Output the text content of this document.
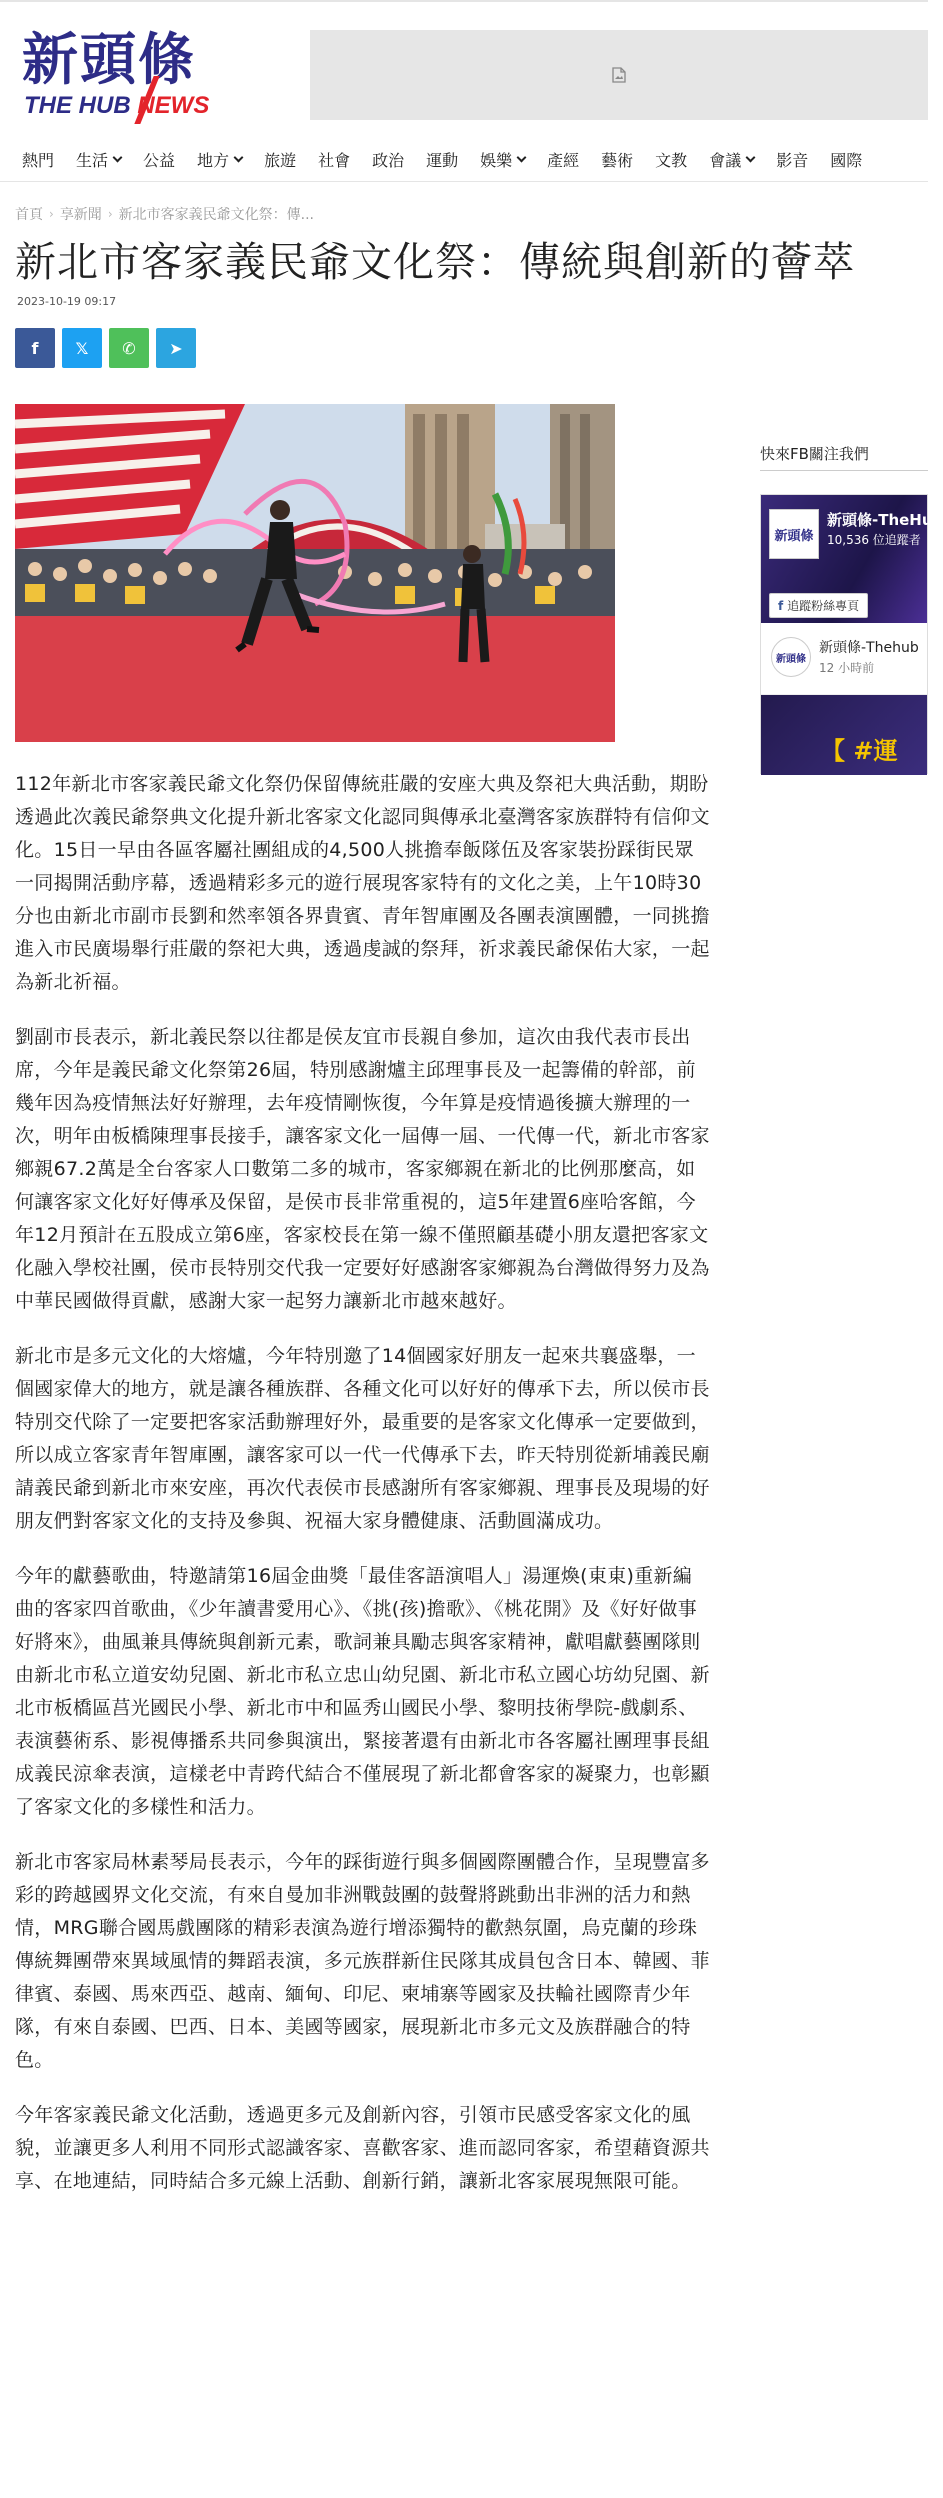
新頭條
THE HUB NEWS
熱門 生活 公益 地方 旅遊 社會 政治 運動 娛樂 產經 藝術 文教 會議 影音 國際
首頁 › 享新聞 › 新北市客家義民爺文化祭：傳...
新北市客家義民爺文化祭：傳統與創新的薈萃
2023-10-19 09:17
f 𝕏 ✆ ➤

112年新北市客家義民爺文化祭仍保留傳統莊嚴的安座大典及祭祀大典活動，期盼透過此次義民爺祭典文化提升新北客家文化認同與傳承北臺灣客家族群特有信仰文化。15日一早由各區客屬社團組成的4,500人挑擔奉飯隊伍及客家裝扮踩街民眾一同揭開活動序幕，透過精彩多元的遊行展現客家特有的文化之美，上午10時30分也由新北市副市長劉和然率領各界貴賓、青年智庫團及各團表演團體，一同挑擔進入市民廣場舉行莊嚴的祭祀大典，透過虔誠的祭拜，祈求義民爺保佑大家，一起為新北祈福。

劉副市長表示，新北義民祭以往都是侯友宜市長親自參加，這次由我代表市長出席，今年是義民爺文化祭第26屆，特別感謝爐主邱理事長及一起籌備的幹部，前幾年因為疫情無法好好辦理，去年疫情剛恢復，今年算是疫情過後擴大辦理的一次，明年由板橋陳理事長接手，讓客家文化一屆傳一屆、一代傳一代，新北市客家鄉親67.2萬是全台客家人口數第二多的城市，客家鄉親在新北的比例那麼高，如何讓客家文化好好傳承及保留，是侯市長非常重視的，這5年建置6座哈客館，今年12月預計在五股成立第6座，客家校長在第一線不僅照顧基礎小朋友還把客家文化融入學校社團，侯市長特別交代我一定要好好感謝客家鄉親為台灣做得努力及為中華民國做得貢獻，感謝大家一起努力讓新北市越來越好。

新北市是多元文化的大熔爐，今年特別邀了14個國家好朋友一起來共襄盛舉，一個國家偉大的地方，就是讓各種族群、各種文化可以好好的傳承下去，所以侯市長特別交代除了一定要把客家活動辦理好外，最重要的是客家文化傳承一定要做到，所以成立客家青年智庫團，讓客家可以一代一代傳承下去，昨天特別從新埔義民廟請義民爺到新北市來安座，再次代表侯市長感謝所有客家鄉親、理事長及現場的好朋友們對客家文化的支持及參與、祝福大家身體健康、活動圓滿成功。

今年的獻藝歌曲，特邀請第16屆金曲獎「最佳客語演唱人」湯運煥(東東)重新編曲的客家四首歌曲，《少年讀書愛用心》、《挑(孩)擔歌》、《桃花開》及《好好做事好將來》，曲風兼具傳統與創新元素，歌詞兼具勵志與客家精神，獻唱獻藝團隊則由新北市私立道安幼兒園、新北市私立忠山幼兒園、新北市私立國心坊幼兒園、新北市板橋區莒光國民小學、新北市中和區秀山國民小學、黎明技術學院-戲劇系、表演藝術系、影視傳播系共同參與演出，緊接著還有由新北市各客屬社團理事長組成義民涼傘表演，這樣老中青跨代結合不僅展現了新北都會客家的凝聚力，也彰顯了客家文化的多樣性和活力。

新北市客家局林素琴局長表示，今年的踩街遊行與多個國際團體合作，呈現豐富多彩的跨越國界文化交流，有來自曼加非洲戰鼓團的鼓聲將跳動出非洲的活力和熱情，MRG聯合國馬戲團隊的精彩表演為遊行增添獨特的歡熱氛圍，烏克蘭的珍珠傳統舞團帶來異域風情的舞蹈表演，多元族群新住民隊其成員包含日本、韓國、菲律賓、泰國、馬來西亞、越南、緬甸、印尼、柬埔寨等國家及扶輪社國際青少年隊，有來自泰國、巴西、日本、美國等國家，展現新北市多元文及族群融合的特色。

今年客家義民爺文化活動，透過更多元及創新內容，引領市民感受客家文化的風貌，並讓更多人利用不同形式認識客家、喜歡客家、進而認同客家，希望藉資源共享、在地連結，同時結合多元線上活動、創新行銷，讓新北客家展現無限可能。

快來FB關注我們
新頭條
新頭條-TheHub
10,536 位追蹤者
f 追蹤粉絲專頁
新頭條
新頭條-Thehub
12 小時前
【 #運
